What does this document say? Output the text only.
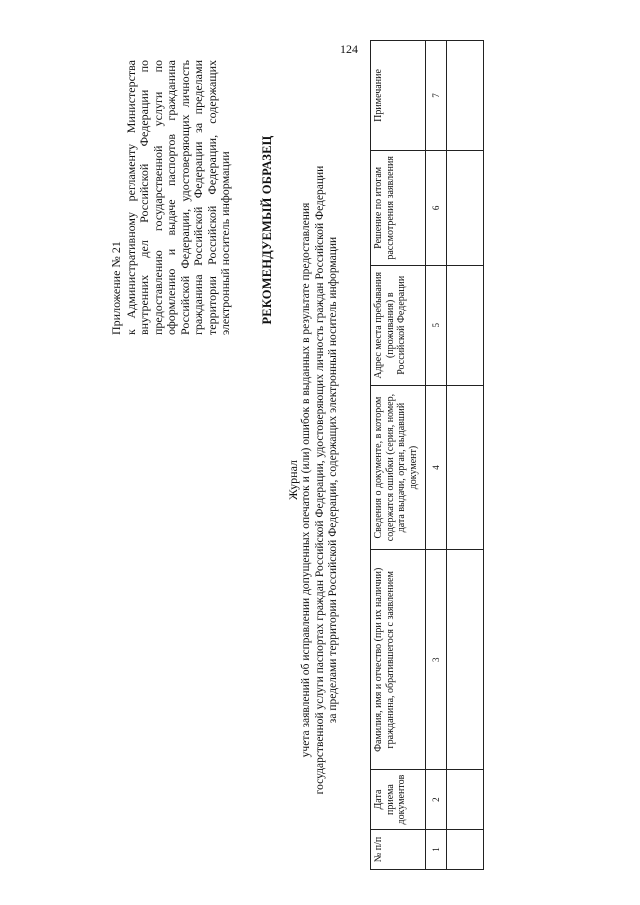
124
Приложение № 21 к Административному регламенту Министерства внутренних дел Российской Федерации по предоставлению государственной услуги по оформлению и выдаче паспортов гражданина Российской Федерации, удостоверяющих личность гражданина Российской Федерации за пределами территории Российской Федерации, содержащих электронный носитель информации РЕКОМЕНДУЕМЫЙ ОБРАЗЕЦ
Журнал учета заявлений об исправлении допущенных опечаток и (или) ошибок в выданных в результате предоставления государственной услуги паспортах граждан Российской Федерации, удостоверяющих личность граждан Российской Федерации за пределами территории Российской Федерации, содержащих электронный носитель информации
№ п/п	Дата приема документов	Фамилия, имя и отчество (при их наличии) гражданина, обратившегося с заявлением	Сведения о документе, в котором содержатся ошибки (серия, номер, дата выдачи, орган, выдавший документ)	Адрес места пребывания (проживания) в Российской Федерации	Решение по итогам рассмотрения заявления	Примечание
1	2	3	4	5	6	7
